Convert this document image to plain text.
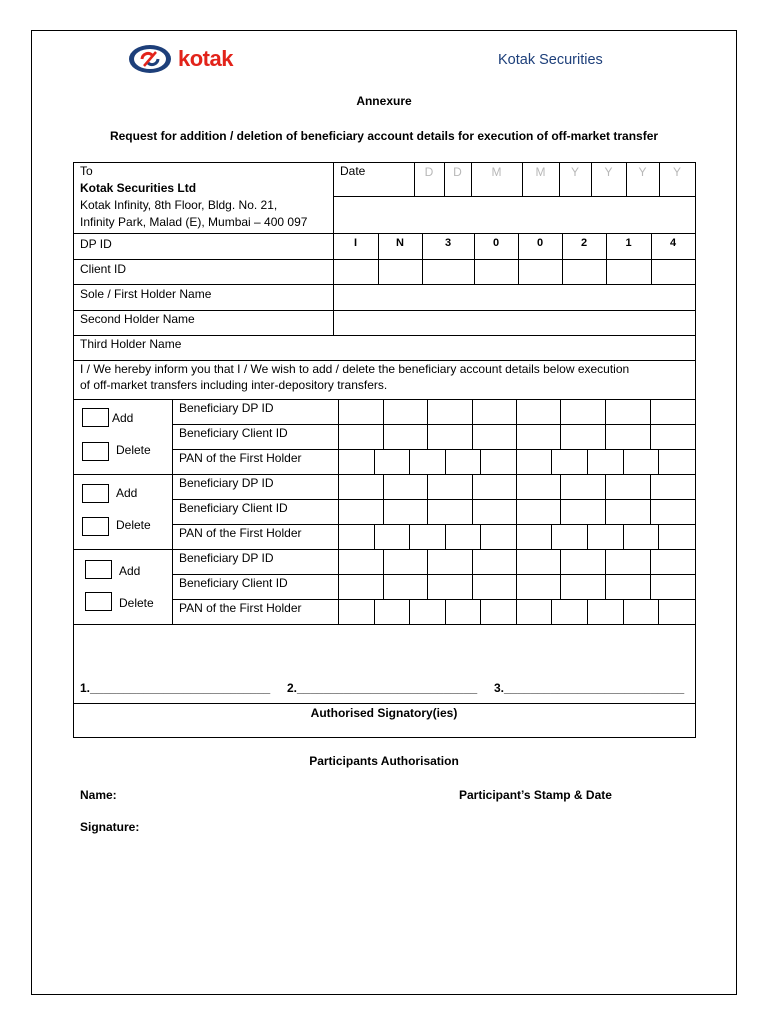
kotak	Kotak Securities
Annexure
Request for addition / deletion of beneficiary account details for execution of off-market transfer
To
Kotak Securities Ltd
Kotak Infinity, 8th Floor, Bldg. No. 21,
Infinity Park, Malad (E), Mumbai – 400 097
Date	D	D	M	M	Y	Y	Y	Y
DP ID	I	N	3	0	0	2	1	4
Client ID
Sole / First Holder Name
Second Holder Name
Third Holder Name
I / We hereby inform you that I / We wish to add / delete the beneficiary account details below execution
of off-market transfers including inter-depository transfers.
Add
Delete
Beneficiary DP ID
Beneficiary Client ID
PAN of the First Holder
Add
Delete
Beneficiary DP ID
Beneficiary Client ID
PAN of the First Holder
Add
Delete
Beneficiary DP ID
Beneficiary Client ID
PAN of the First Holder
1.___________________________ 2.___________________________ 3.___________________________
Authorised Signatory(ies)
Participants Authorisation
Name:	Participant’s Stamp & Date
Signature:
